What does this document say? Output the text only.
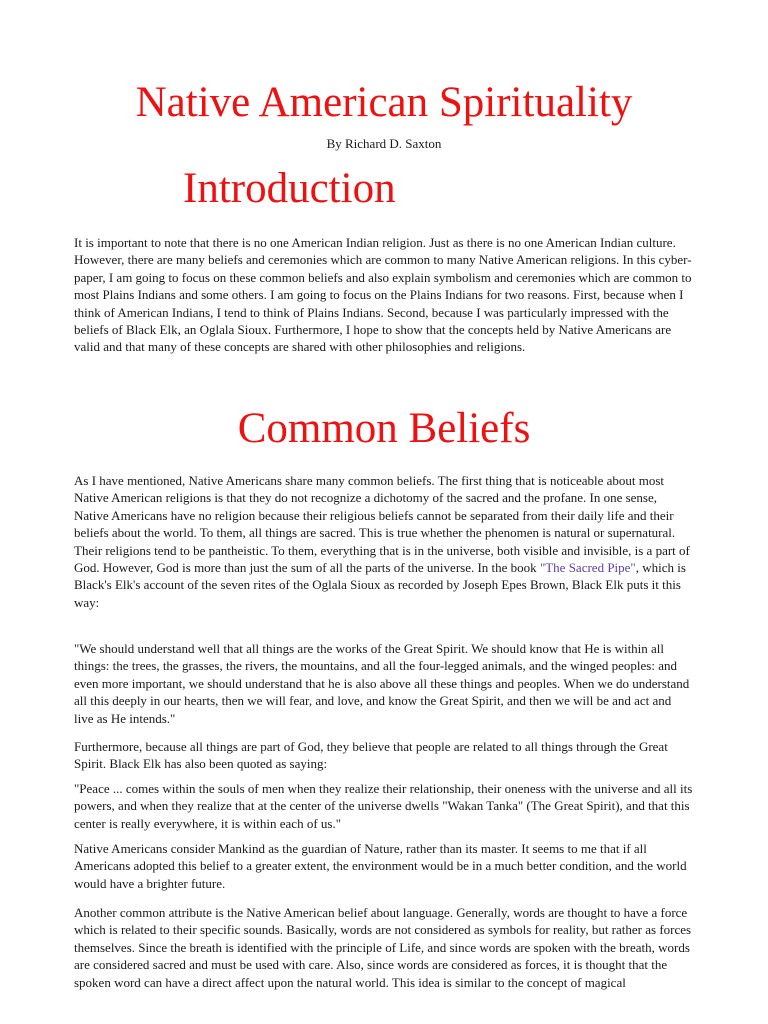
Native American Spirituality
By Richard D. Saxton
Introduction

It is important to note that there is no one American Indian religion. Just as there is no one American Indian culture. However, there are many beliefs and ceremonies which are common to many Native American religions. In this cyber-paper, I am going to focus on these common beliefs and also explain symbolism and ceremonies which are common to most Plains Indians and some others. I am going to focus on the Plains Indians for two reasons. First, because when I think of American Indians, I tend to think of Plains Indians. Second, because I was particularly impressed with the beliefs of Black Elk, an Oglala Sioux. Furthermore, I hope to show that the concepts held by Native Americans are valid and that many of these concepts are shared with other philosophies and religions.

Common Beliefs

As I have mentioned, Native Americans share many common beliefs. The first thing that is noticeable about most Native American religions is that they do not recognize a dichotomy of the sacred and the profane. In one sense, Native Americans have no religion because their religious beliefs cannot be separated from their daily life and their beliefs about the world. To them, all things are sacred. This is true whether the phenomen is natural or supernatural. Their religions tend to be pantheistic. To them, everything that is in the universe, both visible and invisible, is a part of God. However, God is more than just the sum of all the parts of the universe. In the book "The Sacred Pipe", which is Black's Elk's account of the seven rites of the Oglala Sioux as recorded by Joseph Epes Brown, Black Elk puts it this way:

"We should understand well that all things are the works of the Great Spirit. We should know that He is within all things: the trees, the grasses, the rivers, the mountains, and all the four-legged animals, and the winged peoples: and even more important, we should understand that he is also above all these things and peoples. When we do understand all this deeply in our hearts, then we will fear, and love, and know the Great Spirit, and then we will be and act and live as He intends."

Furthermore, because all things are part of God, they believe that people are related to all things through the Great Spirit. Black Elk has also been quoted as saying:

"Peace ... comes within the souls of men when they realize their relationship, their oneness with the universe and all its powers, and when they realize that at the center of the universe dwells "Wakan Tanka" (The Great Spirit), and that this center is really everywhere, it is within each of us."

Native Americans consider Mankind as the guardian of Nature, rather than its master. It seems to me that if all Americans adopted this belief to a greater extent, the environment would be in a much better condition, and the world would have a brighter future.

Another common attribute is the Native American belief about language. Generally, words are thought to have a force which is related to their specific sounds. Basically, words are not considered as symbols for reality, but rather as forces themselves. Since the breath is identified with the principle of Life, and since words are spoken with the breath, words are considered sacred and must be used with care. Also, since words are considered as forces, it is thought that the spoken word can have a direct affect upon the natural world. This idea is similar to the concept of magical
